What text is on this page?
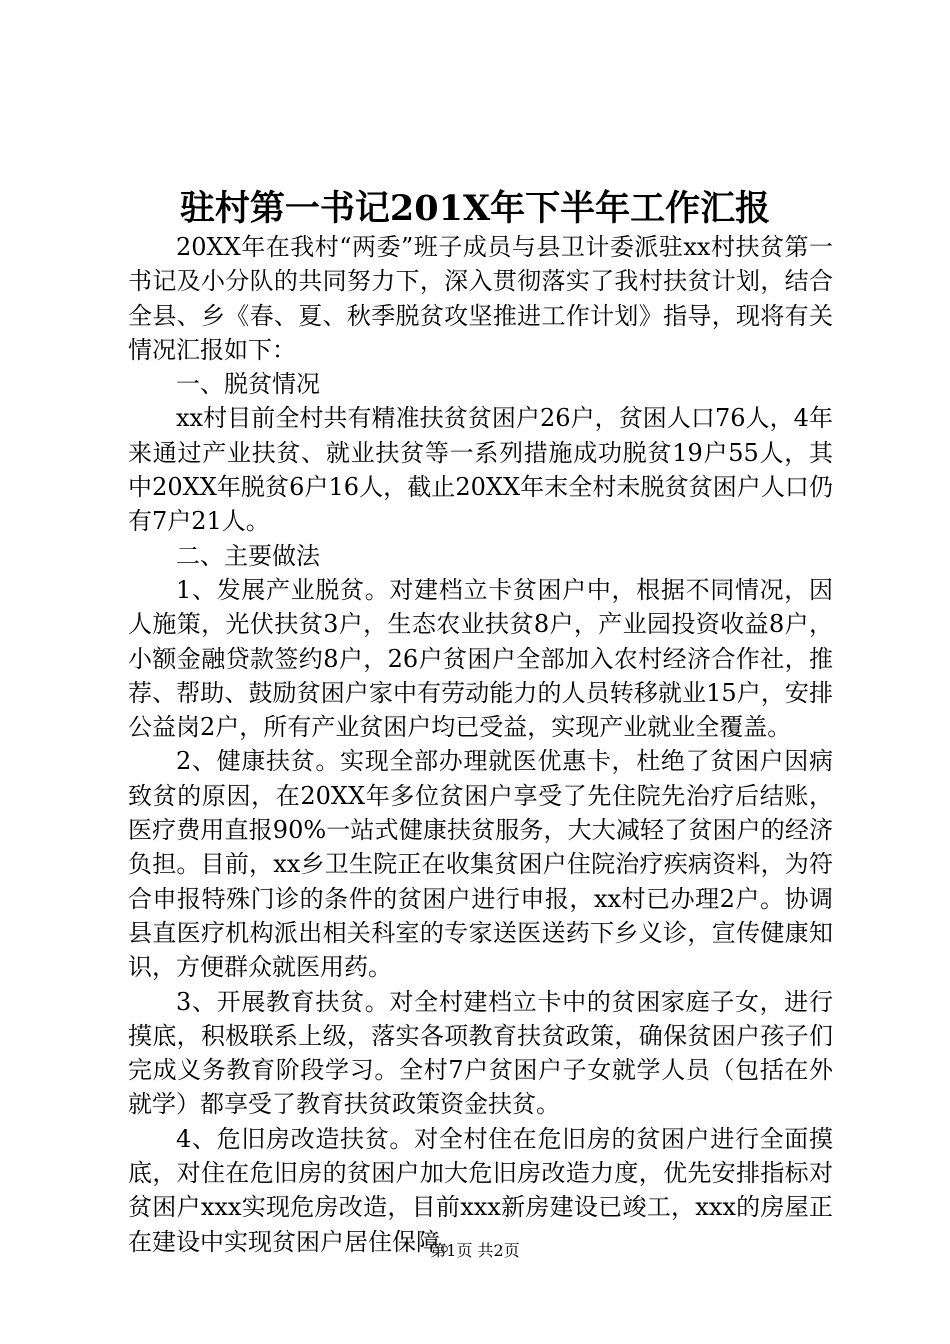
驻村第一书记201X年下半年工作汇报

20XX年在我村“两委”班子成员与县卫计委派驻xx村扶贫第一书记及小分队的共同努力下，深入贯彻落实了我村扶贫计划，结合全县、乡《春、夏、秋季脱贫攻坚推进工作计划》指导，现将有关情况汇报如下：

一、脱贫情况

xx村目前全村共有精准扶贫贫困户26户，贫困人口76人，4年来通过产业扶贫、就业扶贫等一系列措施成功脱贫19户55人，其中20XX年脱贫6户16人，截止20XX年末全村未脱贫贫困户人口仍有7户21人。

二、主要做法

1、发展产业脱贫。对建档立卡贫困户中，根据不同情况，因人施策，光伏扶贫3户，生态农业扶贫8户，产业园投资收益8户，小额金融贷款签约8户，26户贫困户全部加入农村经济合作社，推荐、帮助、鼓励贫困户家中有劳动能力的人员转移就业15户，安排公益岗2户，所有产业贫困户均已受益，实现产业就业全覆盖。

2、健康扶贫。实现全部办理就医优惠卡，杜绝了贫困户因病致贫的原因，在20XX年多位贫困户享受了先住院先治疗后结账，医疗费用直报90%一站式健康扶贫服务，大大减轻了贫困户的经济负担。目前，xx乡卫生院正在收集贫困户住院治疗疾病资料，为符合申报特殊门诊的条件的贫困户进行申报，xx村已办理2户。协调县直医疗机构派出相关科室的专家送医送药下乡义诊，宣传健康知识，方便群众就医用药。

3、开展教育扶贫。对全村建档立卡中的贫困家庭子女，进行摸底，积极联系上级，落实各项教育扶贫政策，确保贫困户孩子们完成义务教育阶段学习。全村7户贫困户子女就学人员（包括在外就学）都享受了教育扶贫政策资金扶贫。

4、危旧房改造扶贫。对全村住在危旧房的贫困户进行全面摸底，对住在危旧房的贫困户加大危旧房改造力度，优先安排指标对贫困户xxx实现危房改造，目前xxx新房建设已竣工，xxx的房屋正在建设中实现贫困户居住保障。

第1页 共2页
